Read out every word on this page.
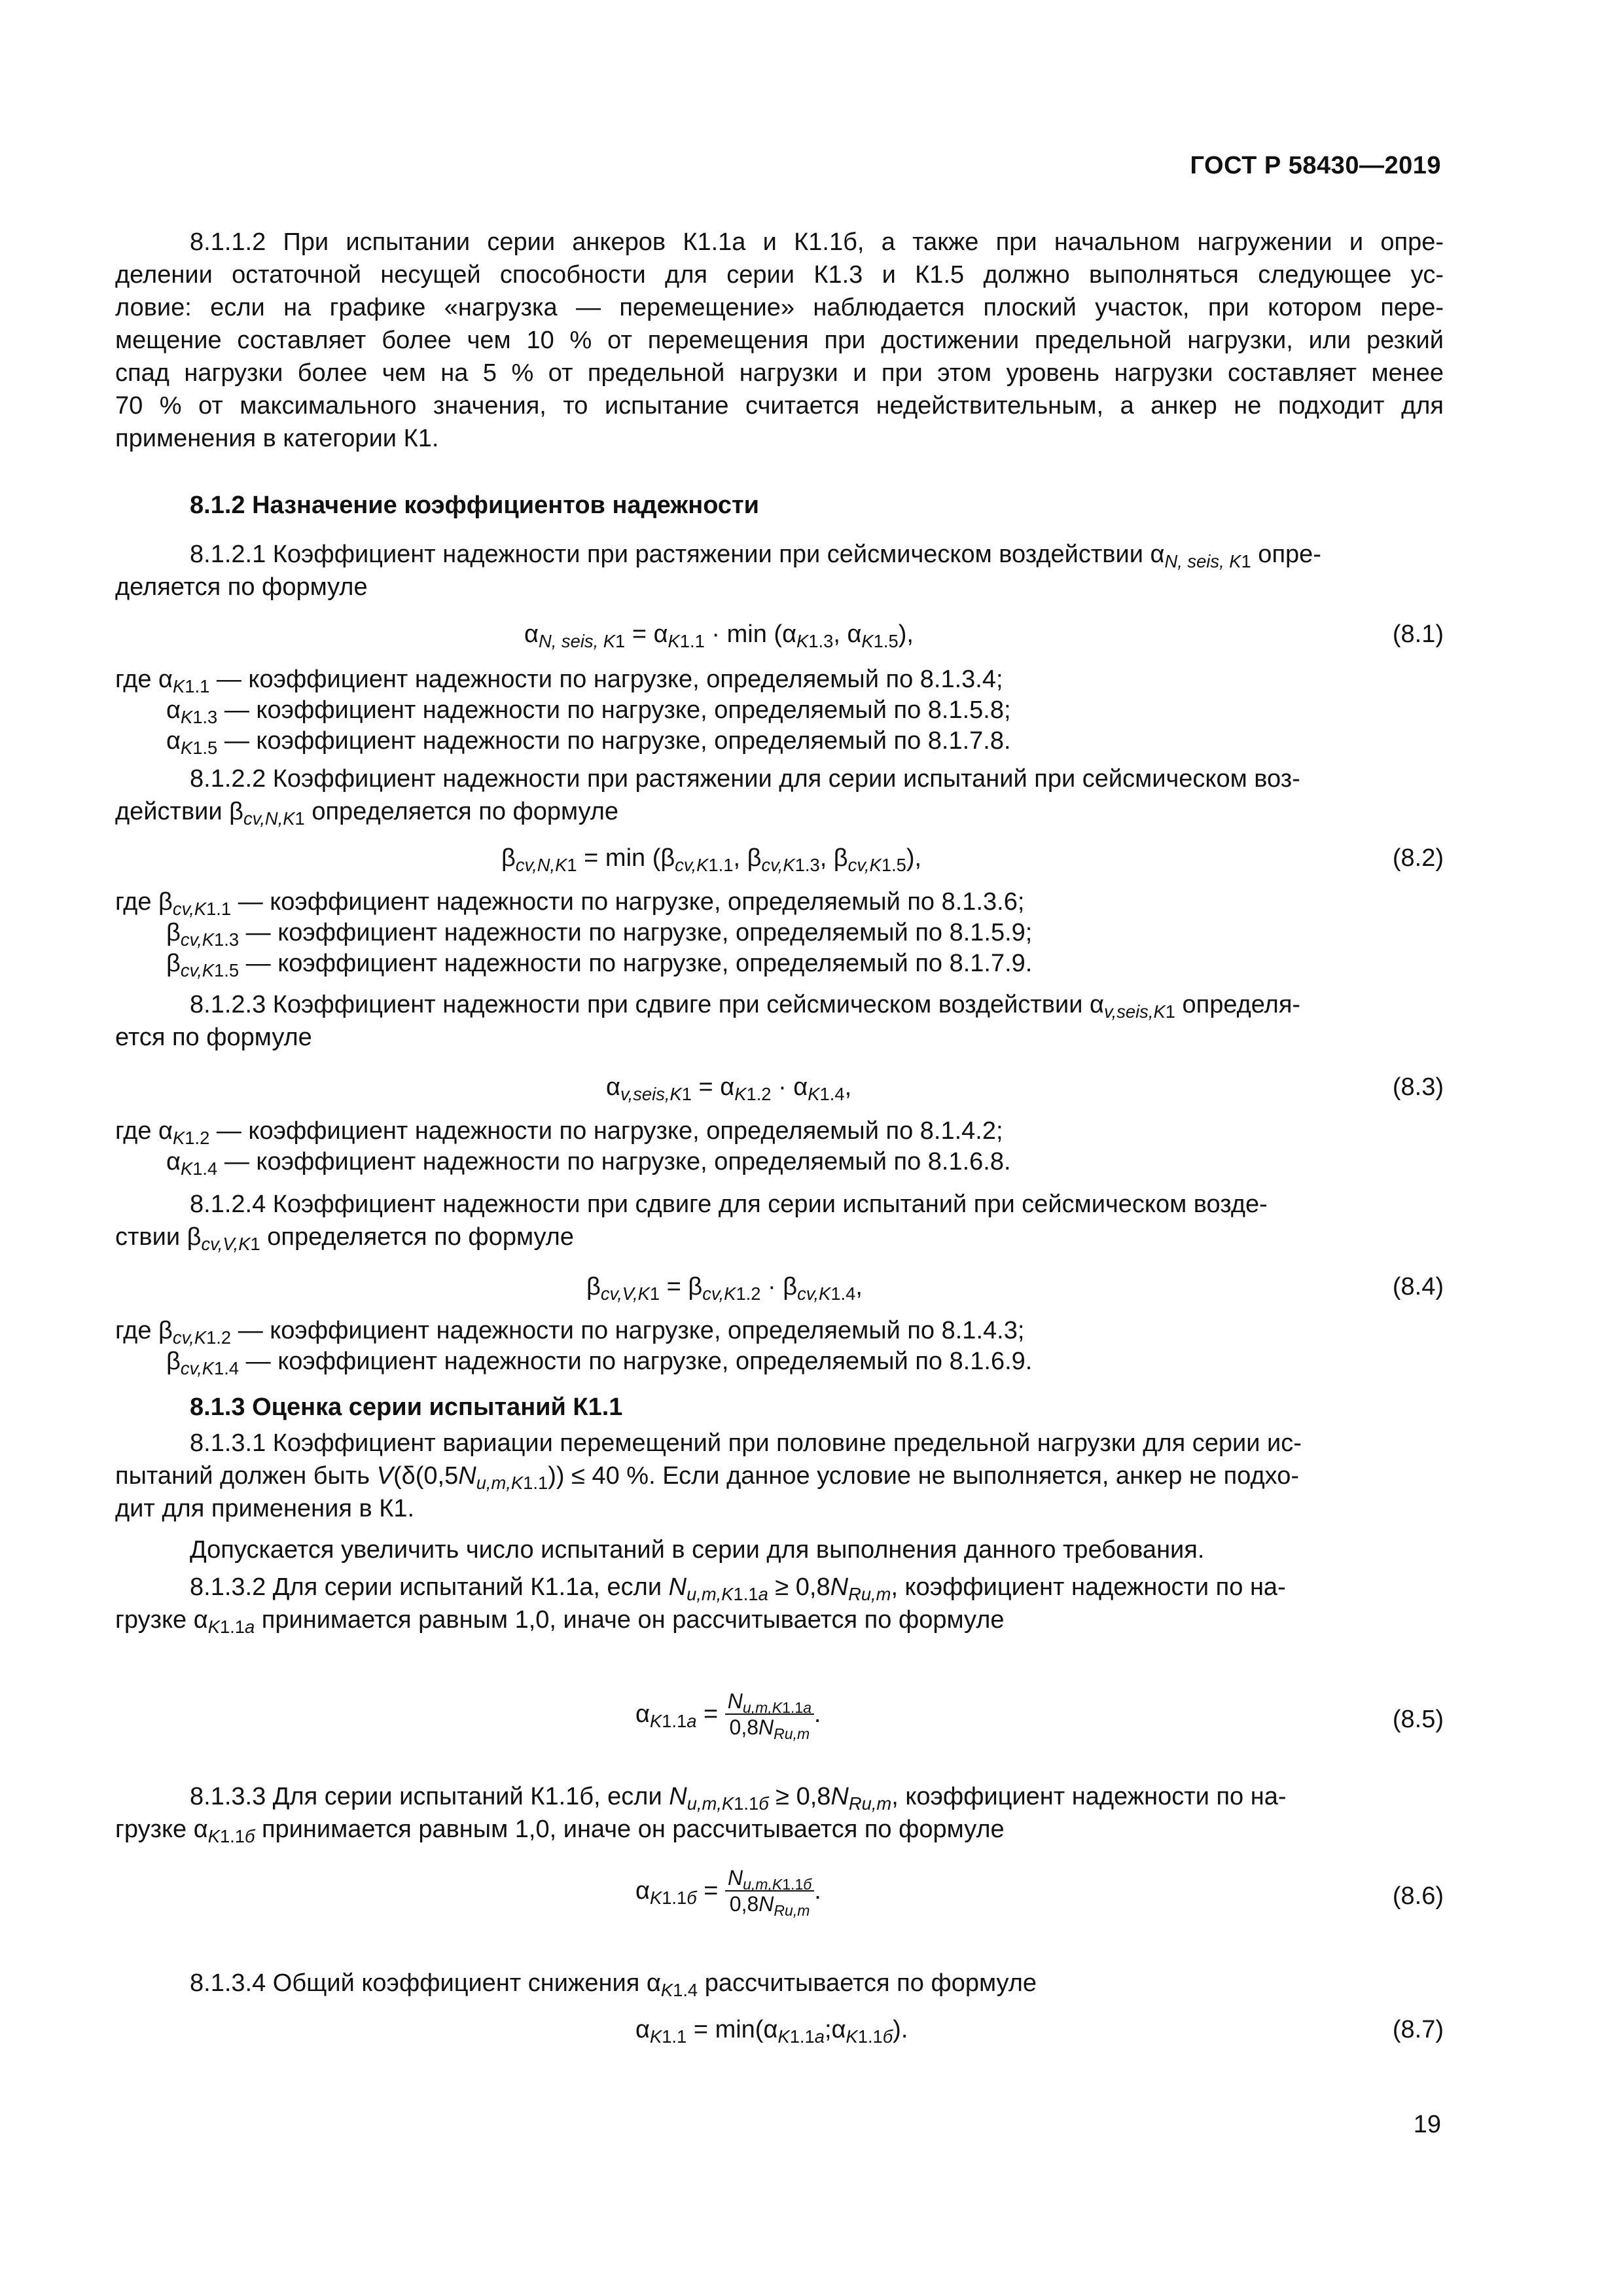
ГОСТ Р 58430—2019

8.1.1.2 При испытании серии анкеров К1.1а и К1.1б, а также при начальном нагружении и опре-

делении остаточной несущей способности для серии К1.3 и К1.5 должно выполняться следующее ус-

ловие: если на графике «нагрузка — перемещение» наблюдается плоский участок, при котором пере-

мещение составляет более чем 10 % от перемещения при достижении предельной нагрузки, или резкий

спад нагрузки более чем на 5 % от предельной нагрузки и при этом уровень нагрузки составляет менее

70 % от максимального значения, то испытание считается недействительным, а анкер не подходит для

применения в категории К1.

8.1.2 Назначение коэффициентов надежности

8.1.2.1 Коэффициент надежности при растяжении при сейсмическом воздействии $\alpha_{N, seis, K1}$ опре-

деляется по формуле

$\alpha_{N, seis, K1} = \alpha_{K1.1} \cdot \min (\alpha_{K1.3}$, $\alpha_{K1.5}$),	(8.1)

где $\alpha_{K1.1}$ — коэффициент надежности по нагрузке, определяемый по 8.1.3.4;

$\alpha_{K1.3}$ — коэффициент надежности по нагрузке, определяемый по 8.1.5.8;

$\alpha_{K1.5}$ — коэффициент надежности по нагрузке, определяемый по 8.1.7.8.

8.1.2.2 Коэффициент надежности при растяжении для серии испытаний при сейсмическом воз-

действии $\beta_{cv,N,K1}$ определяется по формуле

$\beta_{cv,N,K1} = \min (\beta_{cv,K1.1}$, $\beta_{cv,K1.3}$, $\beta_{cv,K1.5}$),	(8.2)

где $\beta_{cv,K1.1}$ — коэффициент надежности по нагрузке, определяемый по 8.1.3.6;

$\beta_{cv,K1.3}$ — коэффициент надежности по нагрузке, определяемый по 8.1.5.9;

$\beta_{cv,K1.5}$ — коэффициент надежности по нагрузке, определяемый по 8.1.7.9.

8.1.2.3 Коэффициент надежности при сдвиге при сейсмическом воздействии $\alpha_{v,seis,K1}$ определя-

ется по формуле

$\alpha_{v,seis,K1} = \alpha_{K1.2} \cdot \alpha_{K1.4}$,	(8.3)

где $\alpha_{K1.2}$ — коэффициент надежности по нагрузке, определяемый по 8.1.4.2;

$\alpha_{K1.4}$ — коэффициент надежности по нагрузке, определяемый по 8.1.6.8.

8.1.2.4 Коэффициент надежности при сдвиге для серии испытаний при сейсмическом возде-

ствии $\beta_{cv,V,K1}$ определяется по формуле

$\beta_{cv,V,K1} = \beta_{cv,K1.2} \cdot \beta_{cv,K1.4}$,	(8.4)

где $\beta_{cv,K1.2}$ — коэффициент надежности по нагрузке, определяемый по 8.1.4.3;

$\beta_{cv,K1.4}$ — коэффициент надежности по нагрузке, определяемый по 8.1.6.9.

8.1.3 Оценка серии испытаний К1.1

8.1.3.1 Коэффициент вариации перемещений при половине предельной нагрузки для серии ис-

пытаний должен быть $V(\delta(0,5N_{u,m,K1.1})) \le 40$ %. Если данное условие не выполняется, анкер не подхо-

дит для применения в К1.

Допускается увеличить число испытаний в серии для выполнения данного требования.

8.1.3.2 Для серии испытаний К1.1а, если $N_{u,m,K1.1a} \ge 0,8N_{Ru,m}$, коэффициент надежности по на-

грузке $\alpha_{K1.1a}$ принимается равным 1,0, иначе он рассчитывается по формуле

$\alpha_{K1.1a} = \frac{N_{u,m,K1.1a}}{0,8N_{Ru,m}}$ .	(8.5)

8.1.3.3 Для серии испытаний К1.1б, если $N_{u,m,K1.1б} \ge 0,8N_{Ru,m}$, коэффициент надежности по на-

грузке $\alpha_{K1.1б}$ принимается равным 1,0, иначе он рассчитывается по формуле

$\alpha_{K1.1б} = \frac{N_{u,m,K1.1б}}{0,8N_{Ru,m}}$ .	(8.6)

8.1.3.4 Общий коэффициент снижения $\alpha_{K1.4}$ рассчитывается по формуле

$\alpha_{K1.1}$ = $\min(\alpha_{K1.1a};\alpha_{K1.1б})$.	(8.7)
19
